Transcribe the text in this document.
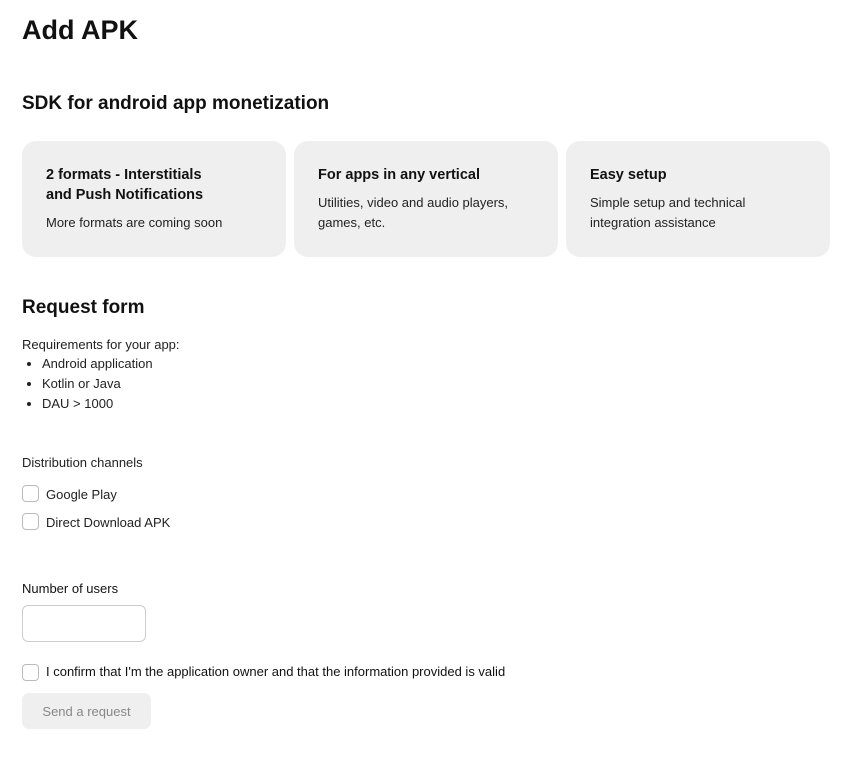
Add APK
SDK for android app monetization
2 formats - Interstitials
and Push Notifications
More formats are coming soon
For apps in any vertical
Utilities, video and audio players, games, etc.
Easy setup
Simple setup and technical integration assistance
Request form
Requirements for your app:
• Android application
• Kotlin or Java
• DAU > 1000
Distribution channels
Google Play
Direct Download APK
Number of users
I confirm that I'm the application owner and that the information provided is valid
Send a request
